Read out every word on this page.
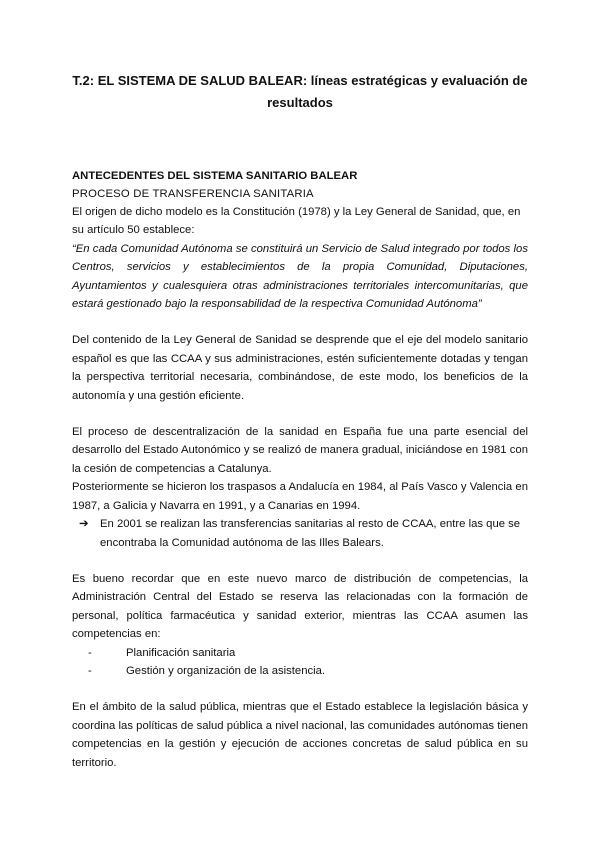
T.2: EL SISTEMA DE SALUD BALEAR: líneas estratégicas y evaluación de resultados
ANTECEDENTES DEL SISTEMA SANITARIO BALEAR
PROCESO DE TRANSFERENCIA SANITARIA

El origen de dicho modelo es la Constitución (1978) y la Ley General de Sanidad, que, en su artículo 50 establece:

“En cada Comunidad Autónoma se constituirá un Servicio de Salud integrado por todos los Centros, servicios y establecimientos de la propia Comunidad, Diputaciones, Ayuntamientos y cualesquiera otras administraciones territoriales intercomunitarias, que estará gestionado bajo la responsabilidad de la respectiva Comunidad Autónoma”

Del contenido de la Ley General de Sanidad se desprende que el eje del modelo sanitario español es que las CCAA y sus administraciones, estén suficientemente dotadas y tengan la perspectiva territorial necesaria, combinándose, de este modo, los beneficios de la autonomía y una gestión eficiente.

El proceso de descentralización de la sanidad en España fue una parte esencial del desarrollo del Estado Autonómico y se realizó de manera gradual, iniciándose en 1981 con la cesión de competencias a Catalunya.

Posteriormente se hicieron los traspasos a Andalucía en 1984, al País Vasco y Valencia en 1987, a Galicia y Navarra en 1991, y a Canarias en 1994.

➔	En 2001 se realizan las transferencias sanitarias al resto de CCAA, entre las que se encontraba la Comunidad autónoma de las Illes Balears.

Es bueno recordar que en este nuevo marco de distribución de competencias, la Administración Central del Estado se reserva las relacionadas con la formación de personal, política farmacéutica y sanidad exterior, mientras las CCAA asumen las competencias en:

-	Planificación sanitaria
-	Gestión y organización de la asistencia.

En el ámbito de la salud pública, mientras que el Estado establece la legislación básica y coordina las políticas de salud pública a nivel nacional, las comunidades autónomas tienen competencias en la gestión y ejecución de acciones concretas de salud pública en su territorio.
